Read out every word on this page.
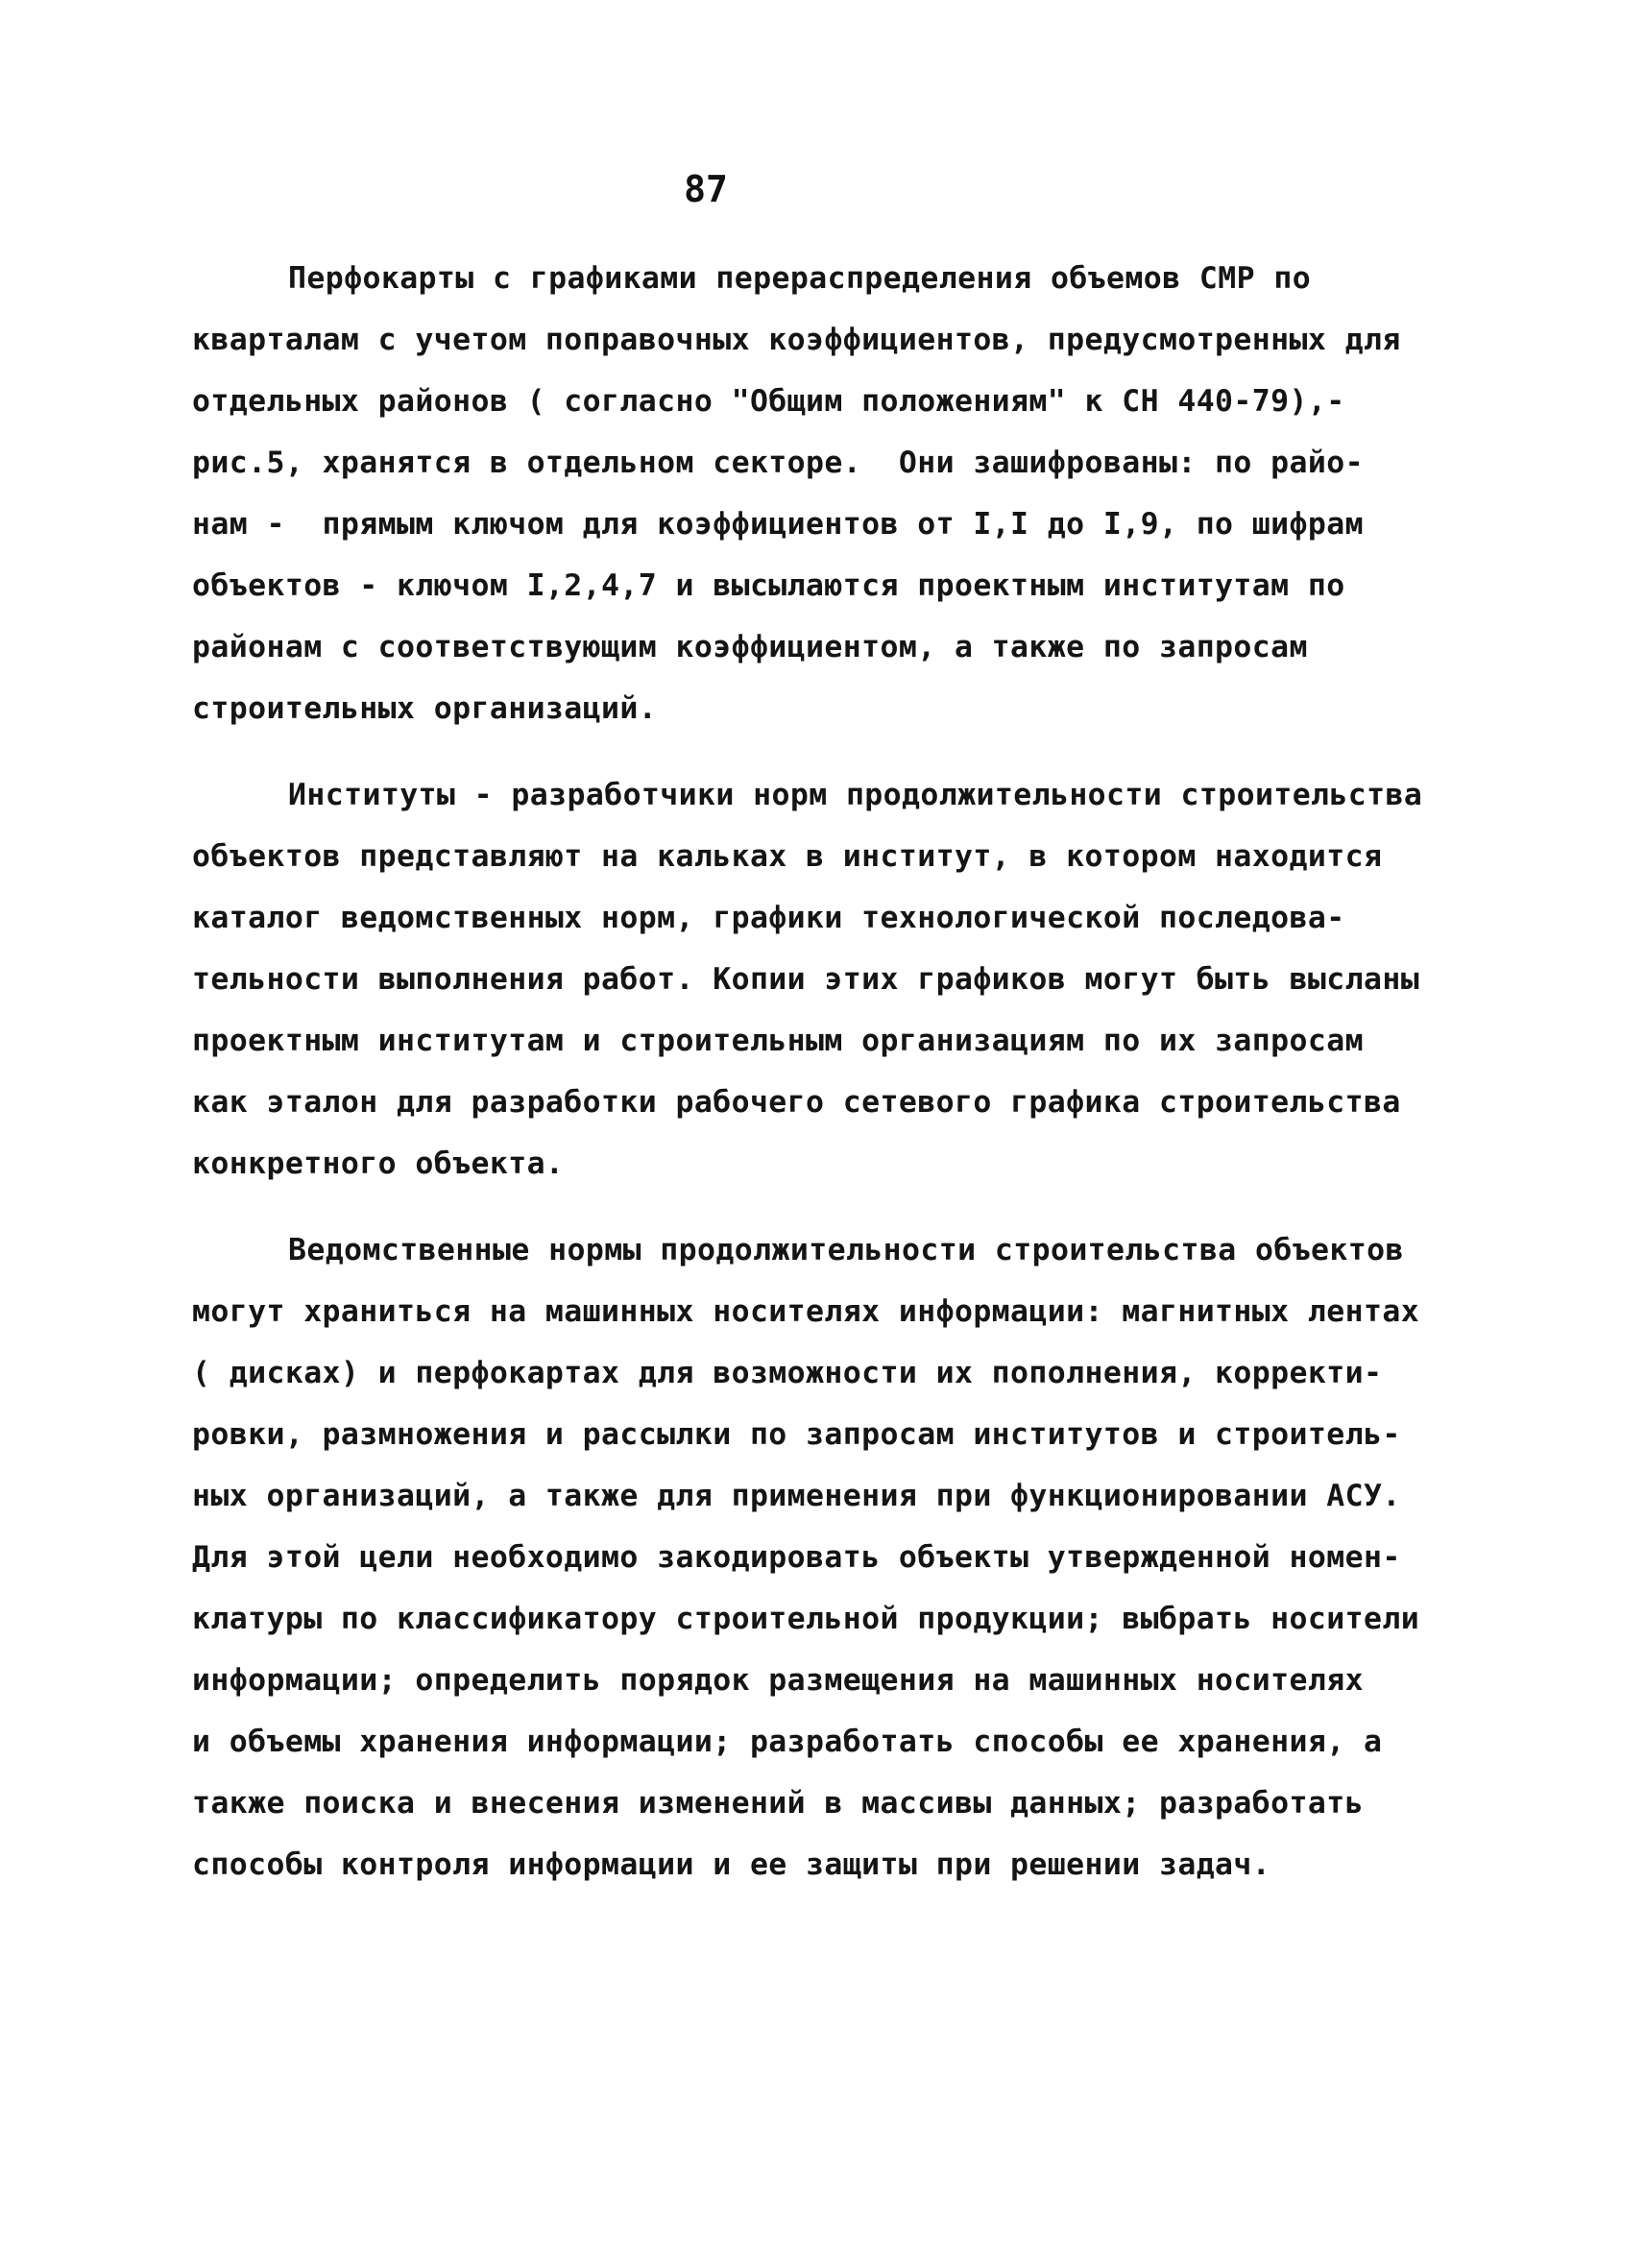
87
Перфокарты с графиками перераспределения объемов СМР по
кварталам с учетом поправочных коэффициентов, предусмотренных для
отдельных районов ( согласно "Общим положениям" к СН 440-79),-
рис.5, хранятся в отдельном секторе.  Они зашифрованы: по райо-
нам -  прямым ключом для коэффициентов от I,I до I,9, по шифрам
объектов - ключом I,2,4,7 и высылаются проектным институтам по
районам с соответствующим коэффициентом, а также по запросам
строительных организаций.
Институты - разработчики норм продолжительности строительства
объектов представляют на кальках в институт, в котором находится
каталог ведомственных норм, графики технологической последова-
тельности выполнения работ. Копии этих графиков могут быть высланы
проектным институтам и строительным организациям по их запросам
как эталон для разработки рабочего сетевого графика строительства
конкретного объекта.
Ведомственные нормы продолжительности строительства объектов
могут храниться на машинных носителях информации: магнитных лентах
( дисках) и перфокартах для возможности их пополнения, корректи-
ровки, размножения и рассылки по запросам институтов и строитель-
ных организаций, а также для применения при функционировании АСУ.
Для этой цели необходимо закодировать объекты утвержденной номен-
клатуры по классификатору строительной продукции; выбрать носители
информации; определить порядок размещения на машинных носителях
и объемы хранения информации; разработать способы ее хранения, а
также поиска и внесения изменений в массивы данных; разработать
способы контроля информации и ее защиты при решении задач.
